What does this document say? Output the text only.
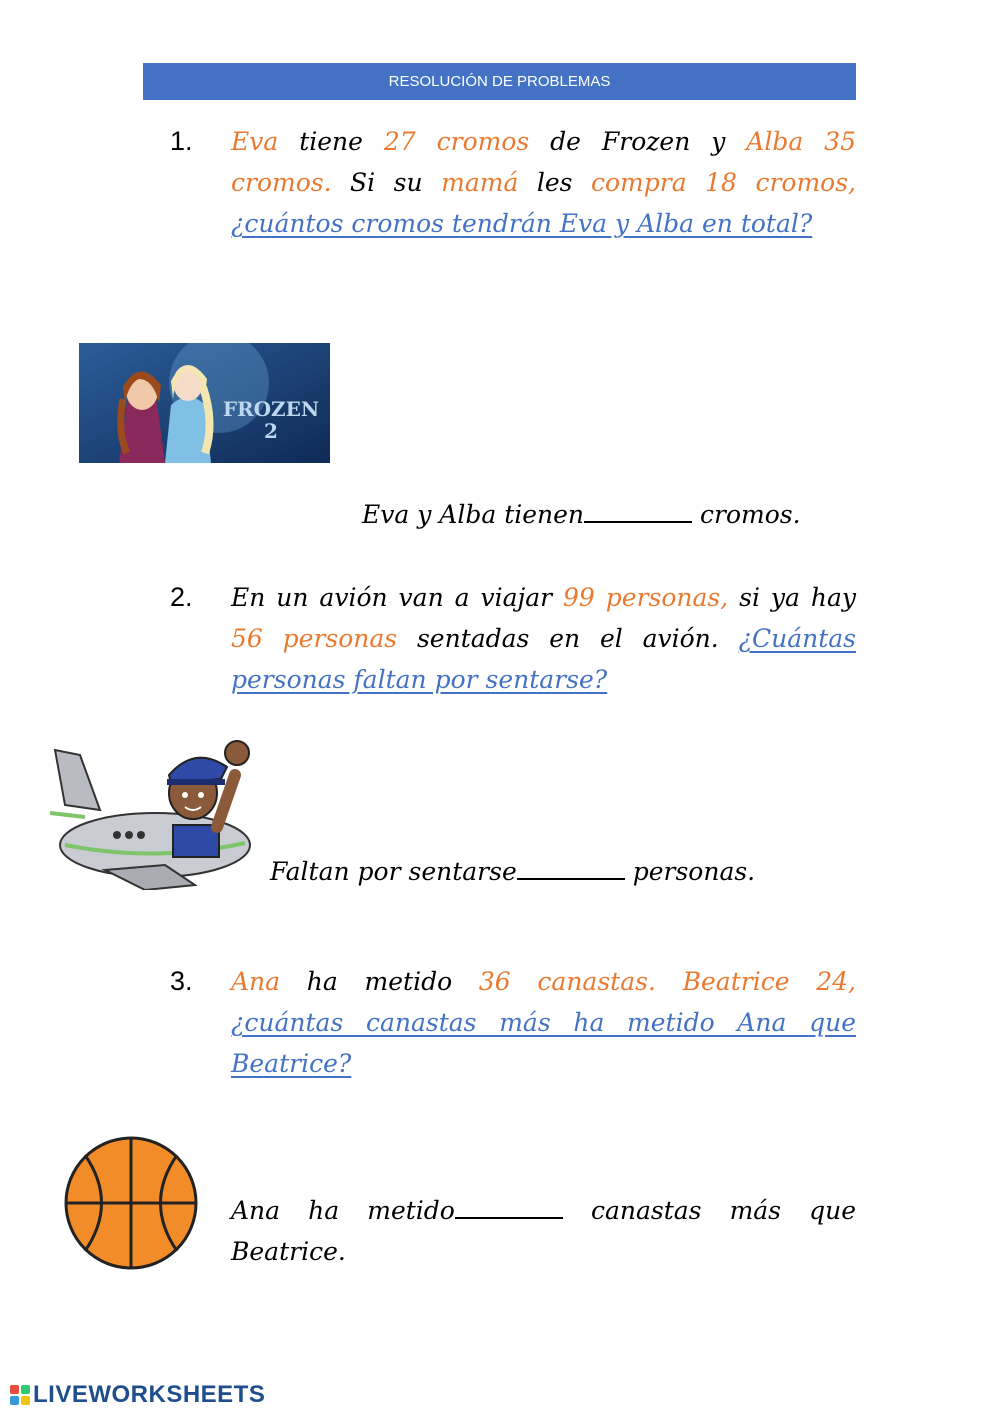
RESOLUCIÓN DE PROBLEMAS
1. Eva tiene 27 cromos de Frozen y Alba 35 cromos. Si su mamá les compra 18 cromos, ¿cuántos cromos tendrán Eva y Alba en total?
FROZEN
2
Eva y Alba tienen	cromos.
2. En un avión van a viajar 99 personas, si ya hay 56 personas sentadas en el avión. ¿Cuántas personas faltan por sentarse?
Faltan por sentarse	personas.
3. Ana ha metido 36 canastas. Beatrice 24, ¿cuántas canastas más ha metido Ana que Beatrice?
Ana ha metido	canastas más que Beatrice.
LIVEWORKSHEETS
